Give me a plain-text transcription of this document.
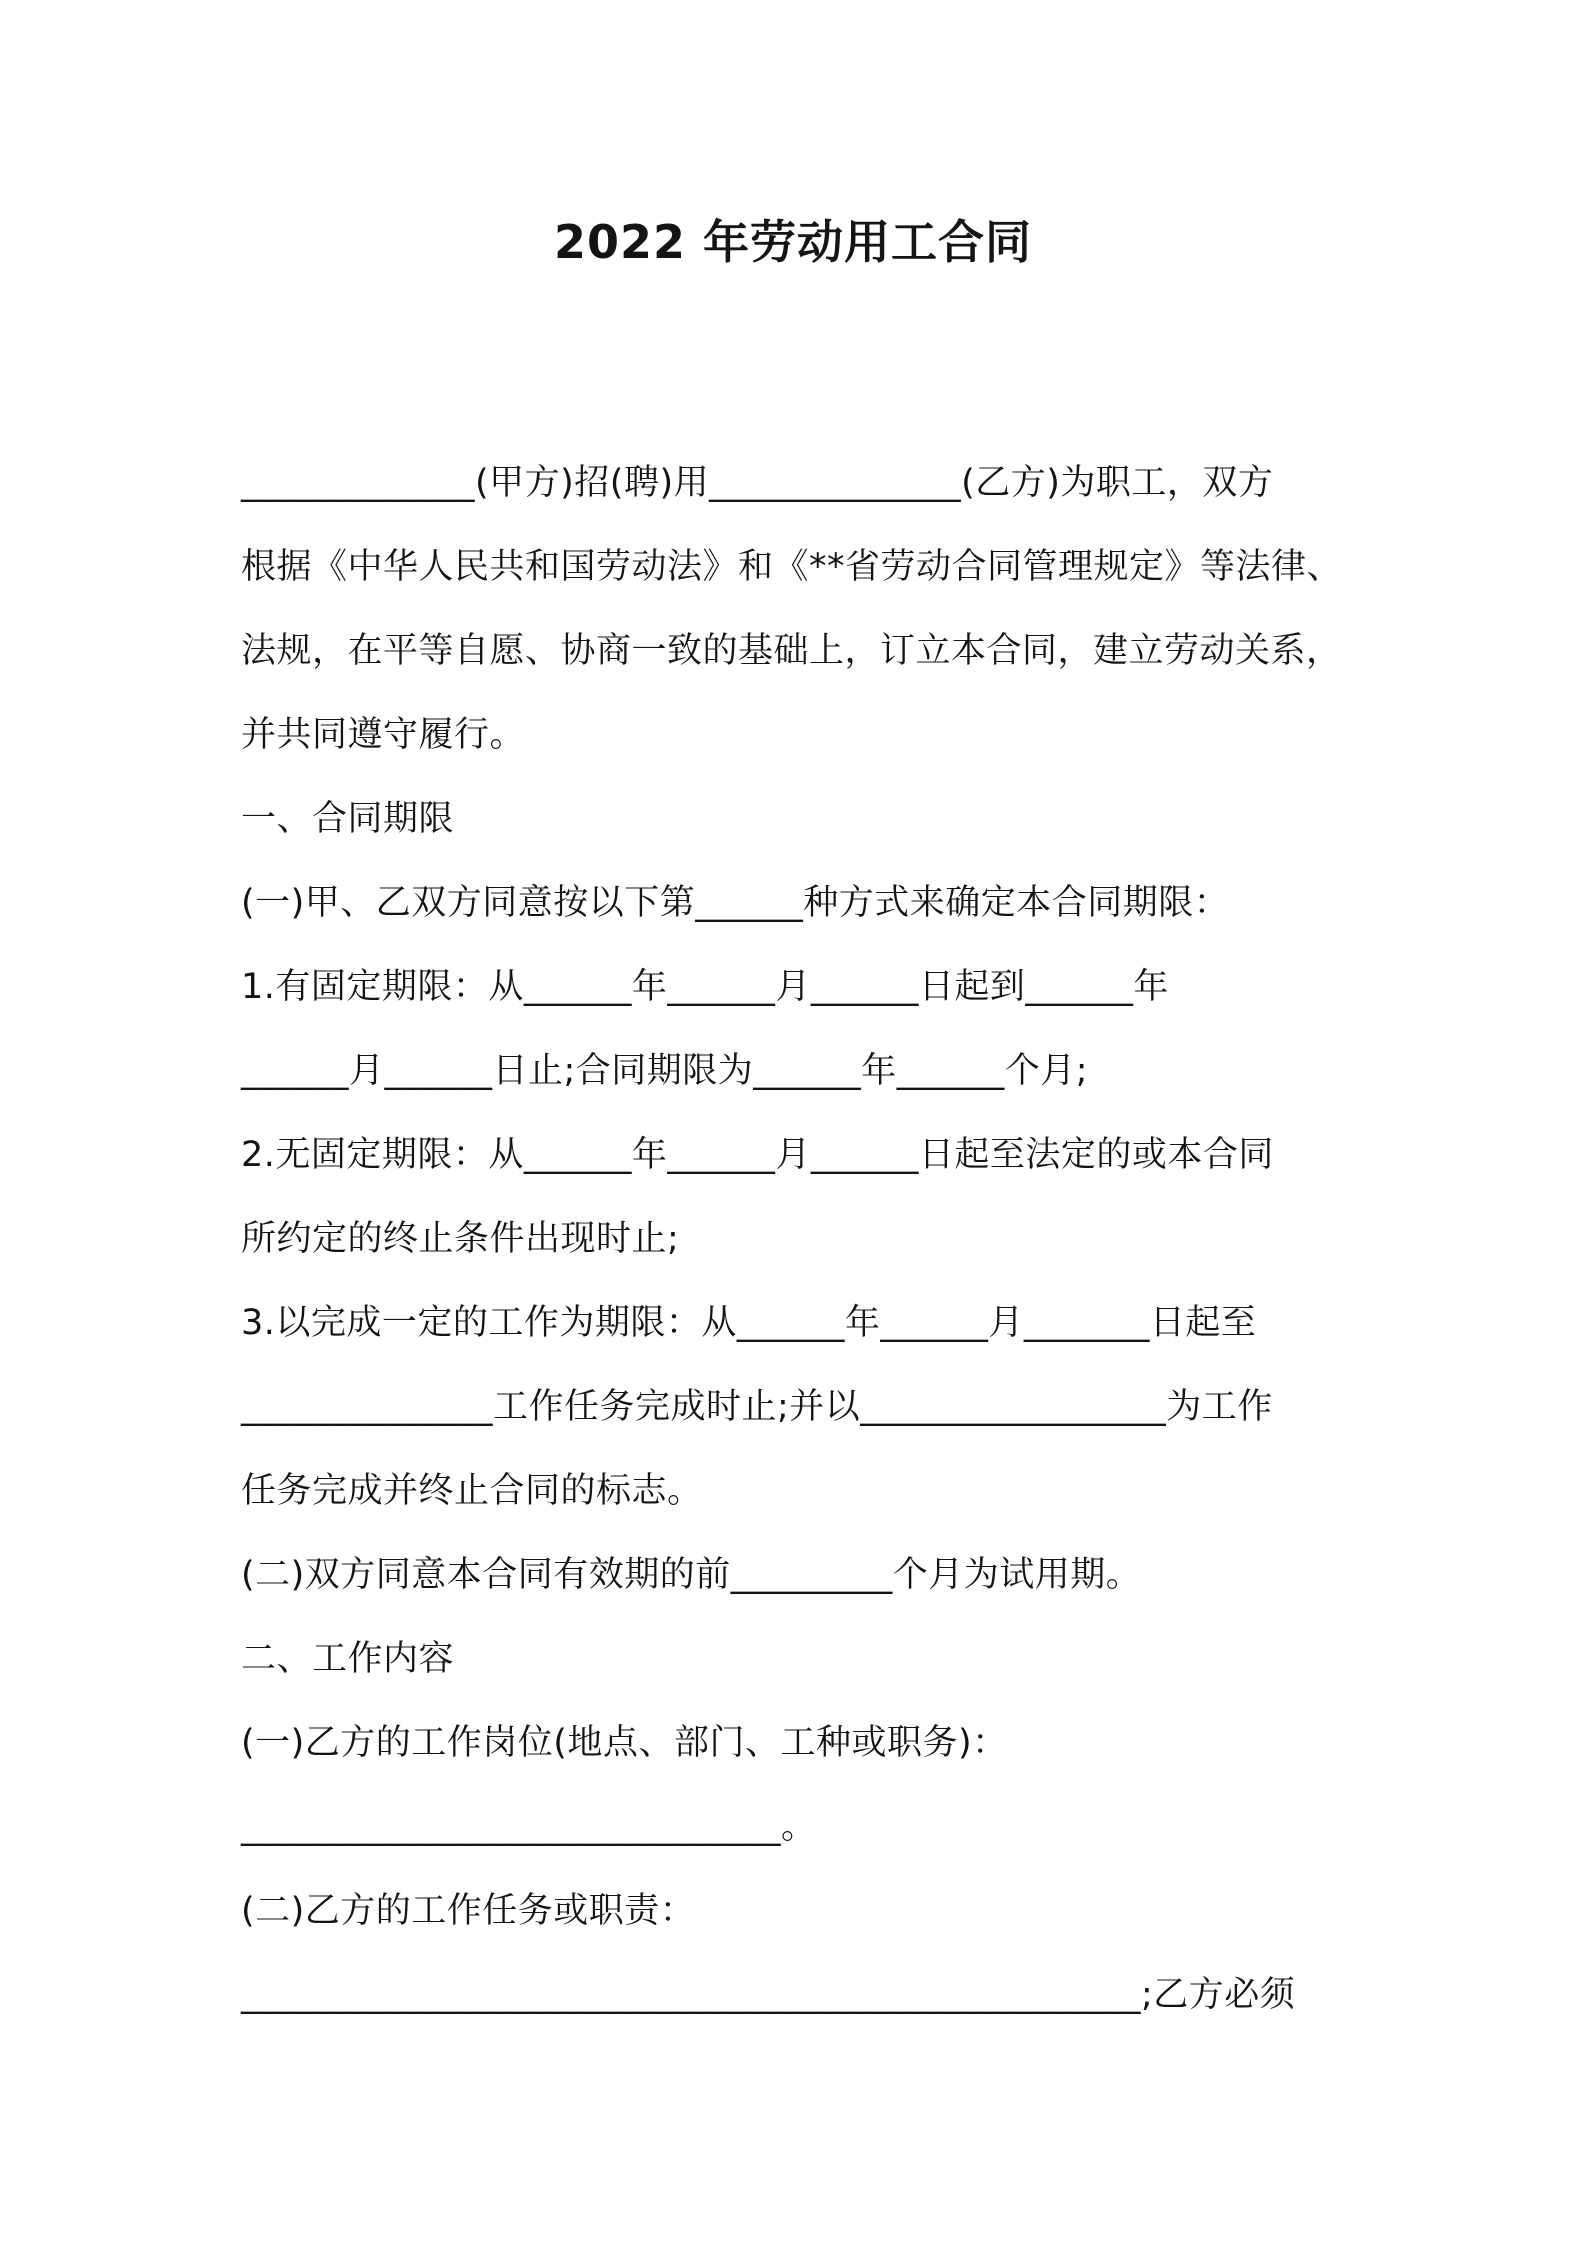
2022 年劳动用工合同
_____________(甲方)招(聘)用______________(乙方)为职工，双方
根据《中华人民共和国劳动法》和《**省劳动合同管理规定》等法律、
法规，在平等自愿、协商一致的基础上，订立本合同，建立劳动关系，
并共同遵守履行。
一、合同期限
(一)甲、乙双方同意按以下第______种方式来确定本合同期限：
1.有固定期限：从______年______月______日起到______年
______月______日止;合同期限为______年______个月;
2.无固定期限：从______年______月______日起至法定的或本合同
所约定的终止条件出现时止;
3.以完成一定的工作为期限：从______年______月_______日起至
______________工作任务完成时止;并以_________________为工作
任务完成并终止合同的标志。
(二)双方同意本合同有效期的前_________个月为试用期。
二、工作内容
(一)乙方的工作岗位(地点、部门、工种或职务)：
______________________________。
(二)乙方的工作任务或职责：
__________________________________________________;乙方必须
